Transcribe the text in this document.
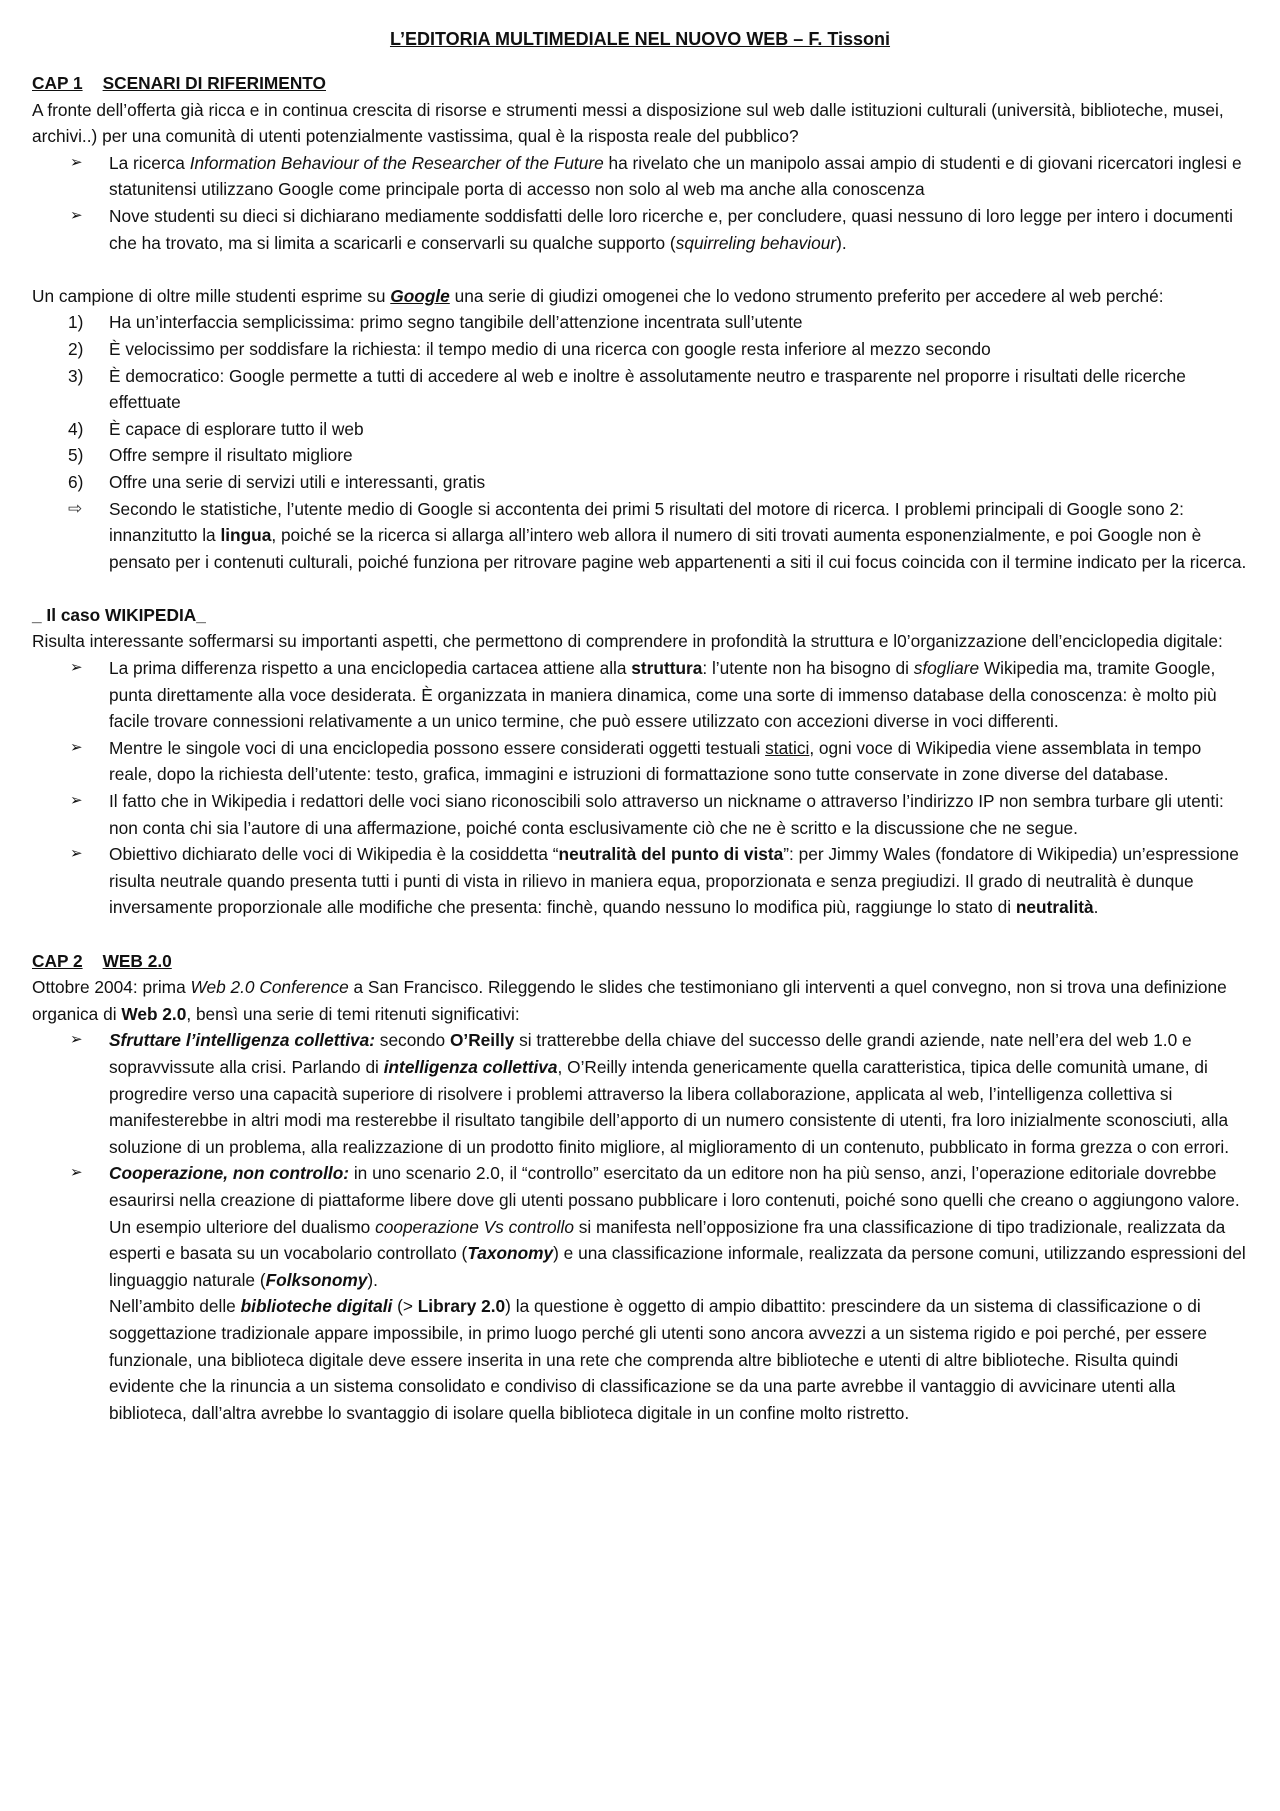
L’EDITORIA MULTIMEDIALE NEL NUOVO WEB – F. Tissoni
CAP 1 SCENARI DI RIFERIMENTO

A fronte dell’offerta già ricca e in continua crescita di risorse e strumenti messi a disposizione sul web dalle istituzioni culturali (università, biblioteche, musei, archivi..) per una comunità di utenti potenzialmente vastissima, qual è la risposta reale del pubblico?

➢ La ricerca Information Behaviour of the Researcher of the Future ha rivelato che un manipolo assai ampio di studenti e di giovani ricercatori inglesi e statunitensi utilizzano Google come principale porta di accesso non solo al web ma anche alla conoscenza
➢ Nove studenti su dieci si dichiarano mediamente soddisfatti delle loro ricerche e, per concludere, quasi nessuno di loro legge per intero i documenti che ha trovato, ma si limita a scaricarli e conservarli su qualche supporto (squirreling behaviour).

Un campione di oltre mille studenti esprime su Google una serie di giudizi omogenei che lo vedono strumento preferito per accedere al web perché:

1)	Ha un’interfaccia semplicissima: primo segno tangibile dell’attenzione incentrata sull’utente
2)	È velocissimo per soddisfare la richiesta: il tempo medio di una ricerca con google resta inferiore al mezzo secondo
3)	È democratico: Google permette a tutti di accedere al web e inoltre è assolutamente neutro e trasparente nel proporre i risultati delle ricerche effettuate
4)	È capace di esplorare tutto il web
5)	Offre sempre il risultato migliore
6)	Offre una serie di servizi utili e interessanti, gratis
⇨ Secondo le statistiche, l’utente medio di Google si accontenta dei primi 5 risultati del motore di ricerca. I problemi principali di Google sono 2: innanzitutto la lingua, poiché se la ricerca si allarga all’intero web allora il numero di siti trovati aumenta esponenzialmente, e poi Google non è pensato per i contenuti culturali, poiché funziona per ritrovare pagine web appartenenti a siti il cui focus coincida con il termine indicato per la ricerca.

_ Il caso WIKIPEDIA_

Risulta interessante soffermarsi su importanti aspetti, che permettono di comprendere in profondità la struttura e l0’organizzazione dell’enciclopedia digitale:

➢ La prima differenza rispetto a una enciclopedia cartacea attiene alla struttura: l’utente non ha bisogno di sfogliare Wikipedia ma, tramite Google, punta direttamente alla voce desiderata. È organizzata in maniera dinamica, come una sorte di immenso database della conoscenza: è molto più facile trovare connessioni relativamente a un unico termine, che può essere utilizzato con accezioni diverse in voci differenti.
➢ Mentre le singole voci di una enciclopedia possono essere considerati oggetti testuali statici, ogni voce di Wikipedia viene assemblata in tempo reale, dopo la richiesta dell’utente: testo, grafica, immagini e istruzioni di formattazione sono tutte conservate in zone diverse del database.
➢ Il fatto che in Wikipedia i redattori delle voci siano riconoscibili solo attraverso un nickname o attraverso l’indirizzo IP non sembra turbare gli utenti: non conta chi sia l’autore di una affermazione, poiché conta esclusivamente ciò che ne è scritto e la discussione che ne segue.
➢ Obiettivo dichiarato delle voci di Wikipedia è la cosiddetta “neutralità del punto di vista”: per Jimmy Wales (fondatore di Wikipedia) un’espressione risulta neutrale quando presenta tutti i punti di vista in rilievo in maniera equa, proporzionata e senza pregiudizi. Il grado di neutralità è dunque inversamente proporzionale alle modifiche che presenta: finchè, quando nessuno lo modifica più, raggiunge lo stato di neutralità.
CAP 2 WEB 2.0

Ottobre 2004: prima Web 2.0 Conference a San Francisco. Rileggendo le slides che testimoniano gli interventi a quel convegno, non si trova una definizione organica di Web 2.0, bensì una serie di temi ritenuti significativi:

➢ Sfruttare l’intelligenza collettiva: secondo O’Reilly si tratterebbe della chiave del successo delle grandi aziende, nate nell’era del web 1.0 e sopravvissute alla crisi. Parlando di intelligenza collettiva, O’Reilly intenda genericamente quella caratteristica, tipica delle comunità umane, di progredire verso una capacità superiore di risolvere i problemi attraverso la libera collaborazione, applicata al web, l’intelligenza collettiva si manifesterebbe in altri modi ma resterebbe il risultato tangibile dell’apporto di un numero consistente di utenti, fra loro inizialmente sconosciuti, alla soluzione di un problema, alla realizzazione di un prodotto finito migliore, al miglioramento di un contenuto, pubblicato in forma grezza o con errori.
➢ Cooperazione, non controllo: in uno scenario 2.0, il “controllo” esercitato da un editore non ha più senso, anzi, l’operazione editoriale dovrebbe esaurirsi nella creazione di piattaforme libere dove gli utenti possano pubblicare i loro contenuti, poiché sono quelli che creano o aggiungono valore. Un esempio ulteriore del dualismo cooperazione Vs controllo si manifesta nell’opposizione fra una classificazione di tipo tradizionale, realizzata da esperti e basata su un vocabolario controllato (Taxonomy) e una classificazione informale, realizzata da persone comuni, utilizzando espressioni del linguaggio naturale (Folksonomy).
Nell’ambito delle biblioteche digitali (> Library 2.0) la questione è oggetto di ampio dibattito: prescindere da un sistema di classificazione o di soggettazione tradizionale appare impossibile, in primo luogo perché gli utenti sono ancora avvezzi a un sistema rigido e poi perché, per essere funzionale, una biblioteca digitale deve essere inserita in una rete che comprenda altre biblioteche e utenti di altre biblioteche. Risulta quindi evidente che la rinuncia a un sistema consolidato e condiviso di classificazione se da una parte avrebbe il vantaggio di avvicinare utenti alla biblioteca, dall’altra avrebbe lo svantaggio di isolare quella biblioteca digitale in un confine molto ristretto.
